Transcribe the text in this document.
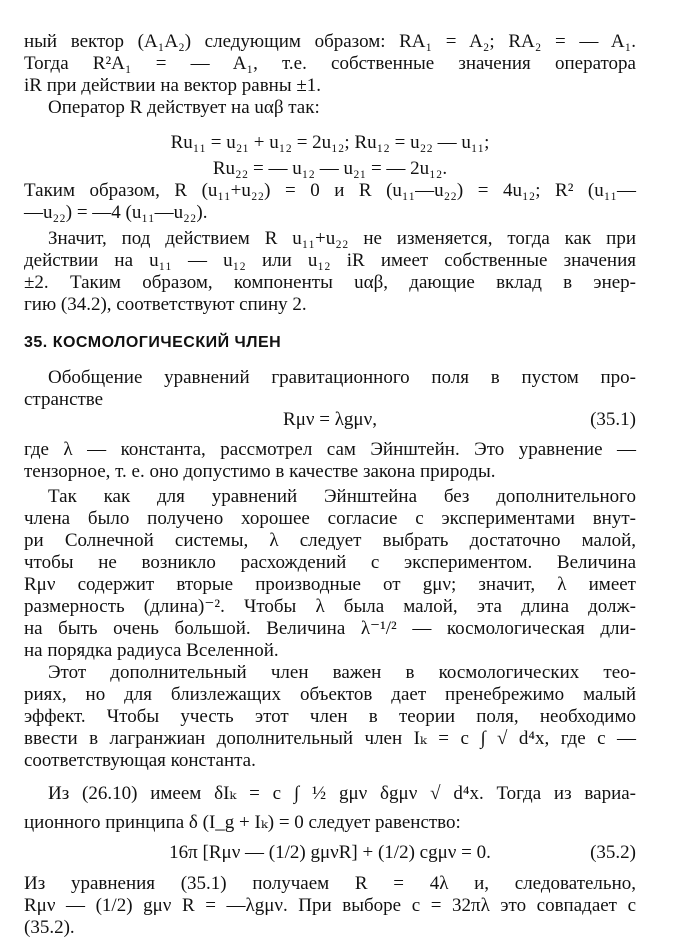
ный вектор (A₁A₂) следующим образом: RA₁ = A₂; RA₂ = — A₁.
Тогда R²A₁ = — A₁, т.е. собственные значения оператора
iR при действии на вектор равны ±1.
Оператор R действует на uαβ так:
Ru₁₁ = u₂₁ + u₁₂ = 2u₁₂; Ru₁₂ = u₂₂ — u₁₁;
Ru₂₂ = — u₁₂ — u₂₁ = — 2u₁₂.
Таким образом, R (u₁₁+u₂₂) = 0 и R (u₁₁—u₂₂) = 4u₁₂; R² (u₁₁—
—u₂₂) = —4 (u₁₁—u₂₂).
Значит, под действием R u₁₁+u₂₂ не изменяется, тогда как при
действии на u₁₁ — u₁₂ или u₁₂ iR имеет собственные значения
±2. Таким образом, компоненты uαβ, дающие вклад в энер-
гию (34.2), соответствуют спину 2.
35. КОСМОЛОГИЧЕСКИЙ ЧЛЕН
Обобщение уравнений гравитационного поля в пустом про-
странстве
Rμν = λgμν,	(35.1)
где λ — константа, рассмотрел сам Эйнштейн. Это уравнение —
тензорное, т. е. оно допустимо в качестве закона природы.
Так как для уравнений Эйнштейна без дополнительного
члена было получено хорошее согласие с экспериментами внут-
ри Солнечной системы, λ следует выбрать достаточно малой,
чтобы не возникло расхождений с экспериментом. Величина
Rμν содержит вторые производные от gμν; значит, λ имеет
размерность (длина)⁻². Чтобы λ была малой, эта длина долж-
на быть очень большой. Величина λ⁻¹/² — космологическая дли-
на порядка радиуса Вселенной.
Этот дополнительный член важен в космологических тео-
риях, но для близлежащих объектов дает пренебрежимо малый
эффект. Чтобы учесть этот член в теории поля, необходимо
ввести в лагранжиан дополнительный член Iₖ = c ∫ √ d⁴x, где c —
соответствующая константа.
Из (26.10) имеем δIₖ = c ∫ ½ gμν δgμν √ d⁴x. Тогда из вариа-
ционного принципа δ (I_g + Iₖ) = 0 следует равенство:
16π [Rμν — (1/2) gμνR] + (1/2) cgμν = 0.	(35.2)
Из уравнения (35.1) получаем R = 4λ и, следовательно,
Rμν — (1/2) gμν R = —λgμν. При выборе c = 32πλ это совпадает с
(35.2).
